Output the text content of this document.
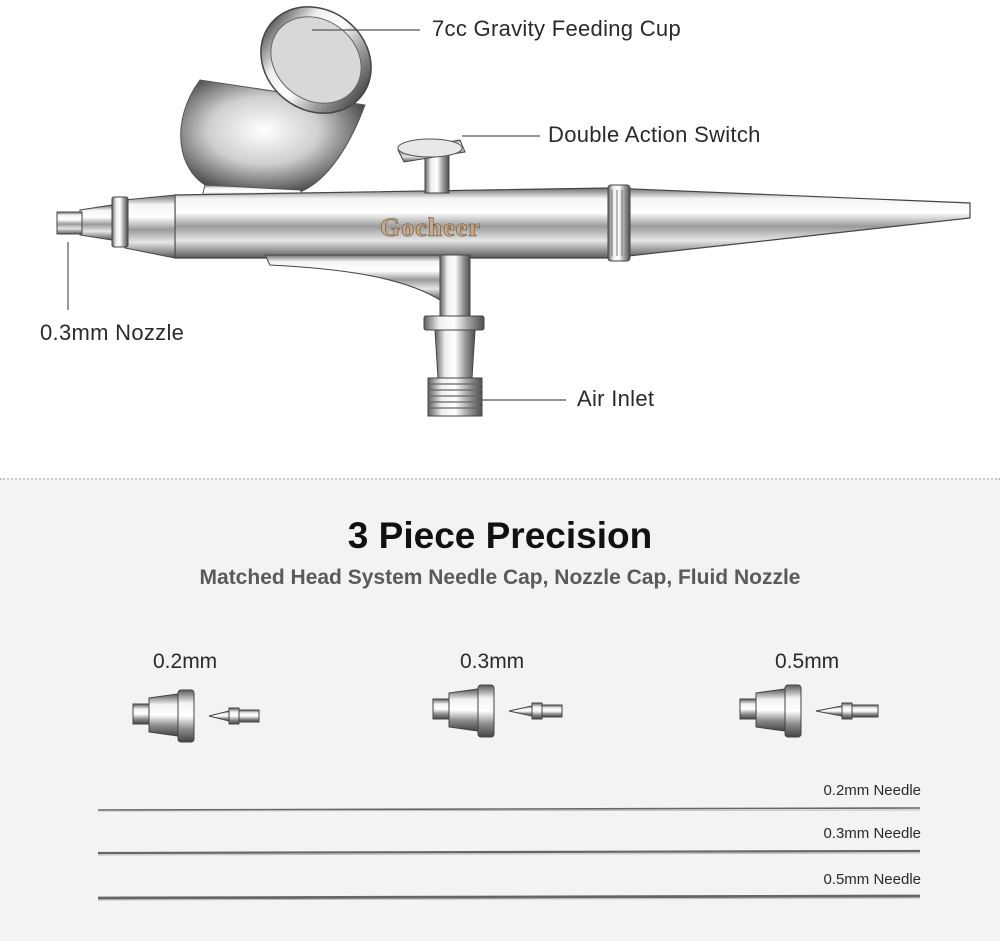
Gocheer
7cc Gravity Feeding Cup
Double Action Switch
0.3mm Nozzle
Air Inlet
3 Piece Precision
Matched Head System Needle Cap, Nozzle Cap, Fluid Nozzle
0.2mm	0.3mm	0.5mm
0.2mm Needle
0.3mm Needle
0.5mm Needle
